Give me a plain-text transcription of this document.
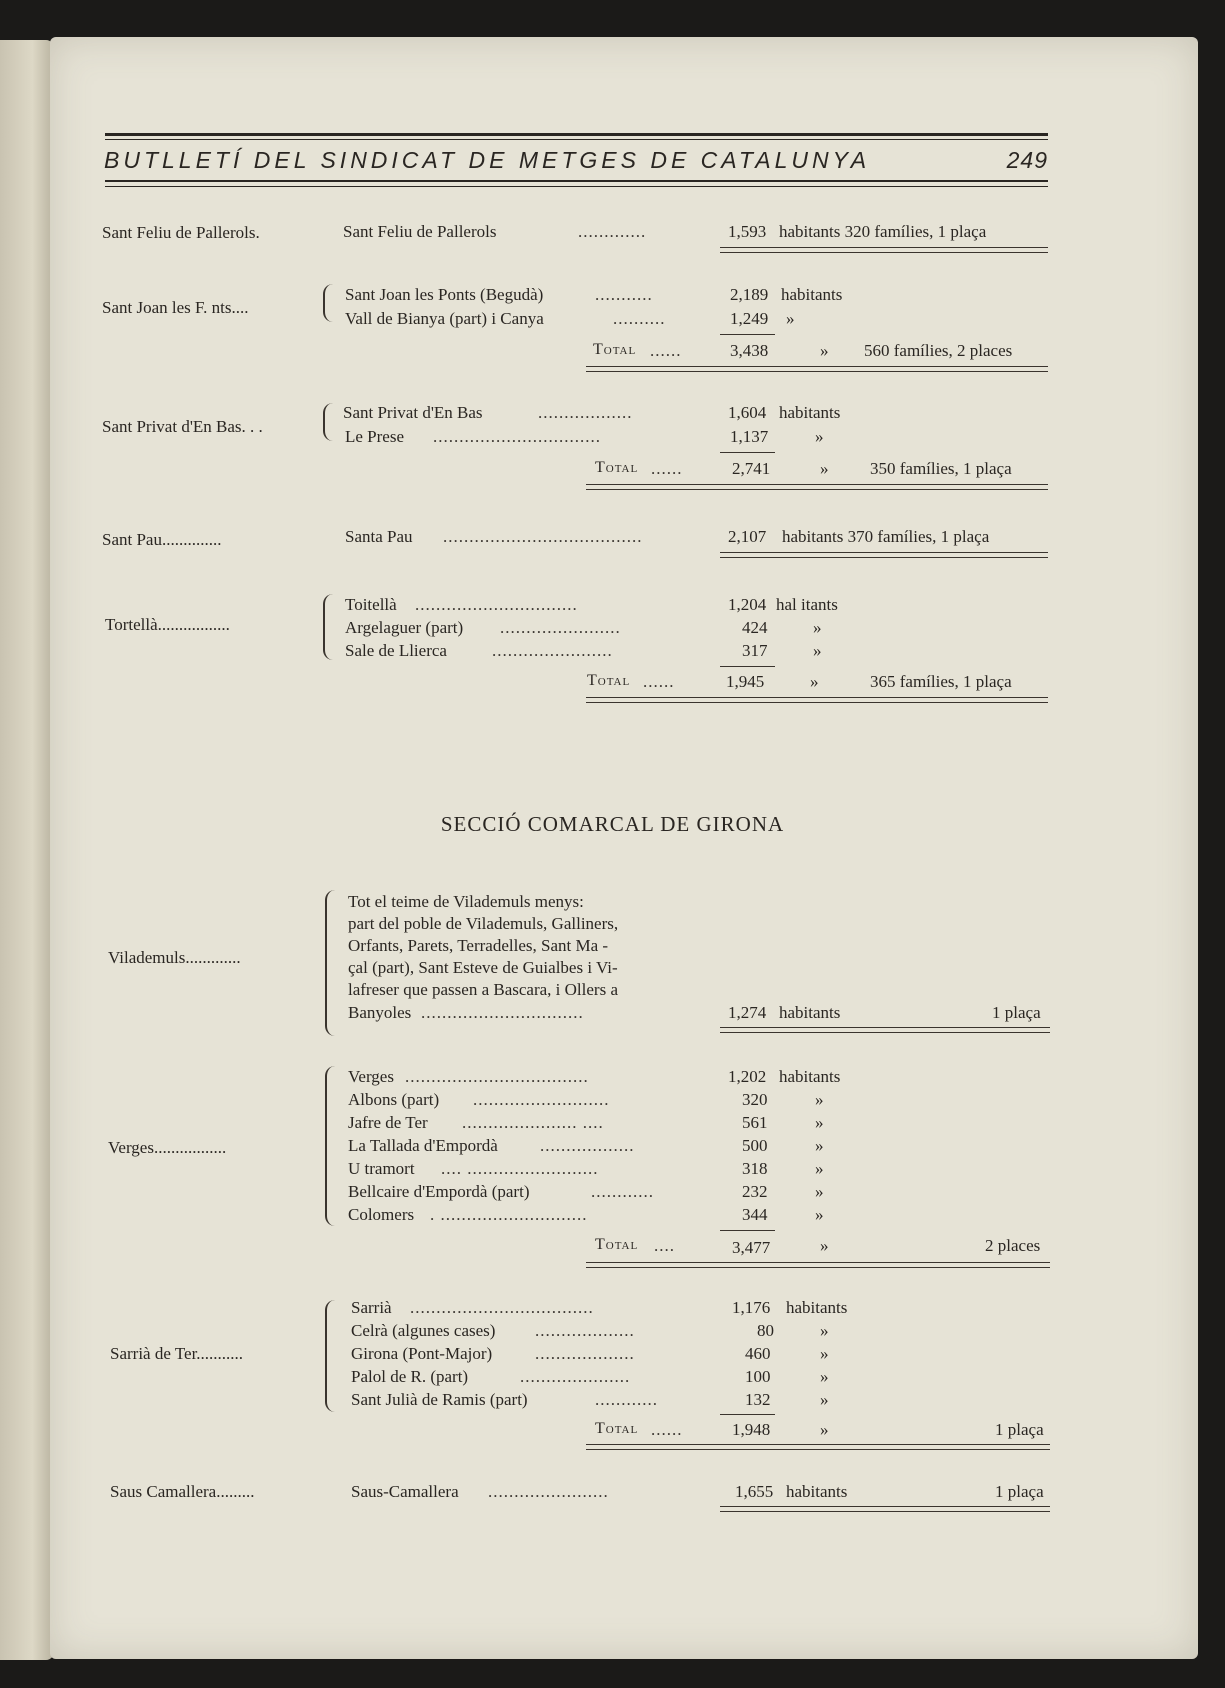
BUTLLETÍ DEL SINDICAT DE METGES DE CATALUNYA	249
Sant Feliu de Pallerols.	Sant Feliu de Pallerols	.............	1,593 habitants 320 famílies, 1 plaça
Sant Joan les F. nts....
Sant Joan les Ponts (Begudà)	...........	2,189 habitants
Vall de Bianya (part) i Canya	..........	1,249 »
Total ......	3,438	» 560 famílies, 2 places
Sant Privat d'En Bas. . .
Sant Privat d'En Bas	..................	1,604 habitants
Le Prese ................................	1,137	»
Total ......	2,741	» 350 famílies, 1 plaça
Sant Pau..............	Santa Pau ......................................	2,107 habitants 370 famílies, 1 plaça
Tortellà.................
Toitellà ...............................	1,204 hal itants
Argelaguer (part) .......................	424	»
Sale de Llierca	.......................	317	»
Total ......	1,945	»	365 famílies, 1 plaça
SECCIÓ COMARCAL DE GIRONA
Vilademuls.............
Tot el teime de Vilademuls menys:
part del poble de Vilademuls, Galliners,
Orfants, Parets, Terradelles, Sant Ma -
çal (part), Sant Esteve de Guialbes i Vi-
lafreser que passen a Bascara, i Ollers a
Banyoles ...............................	1,274 habitants	1 plaça
Verges.................
Verges ...................................	1,202 habitants
Albons (part) ..........................	320	»
Jafre de Ter ...................... ....	561	»
La Tallada d'Empordà ..................	500	»
U tramort .... .........................	318	»
Bellcaire d'Empordà (part)	............	232	»
Colomers . ............................	344	»
Total ....	3,477	»	2 places
Sarrià de Ter...........
Sarrià ...................................	1,176 habitants
Celrà (algunes cases) ...................	80	»
Girona (Pont-Major)	...................	460	»
Palol de R. (part)	.....................	100	»
Sant Julià de Ramis (part)	............	132	»
Total ......	1,948	»	1 plaça
Saus Camallera.........	Saus-Camallera .......................	1,655 habitants	1 plaça
